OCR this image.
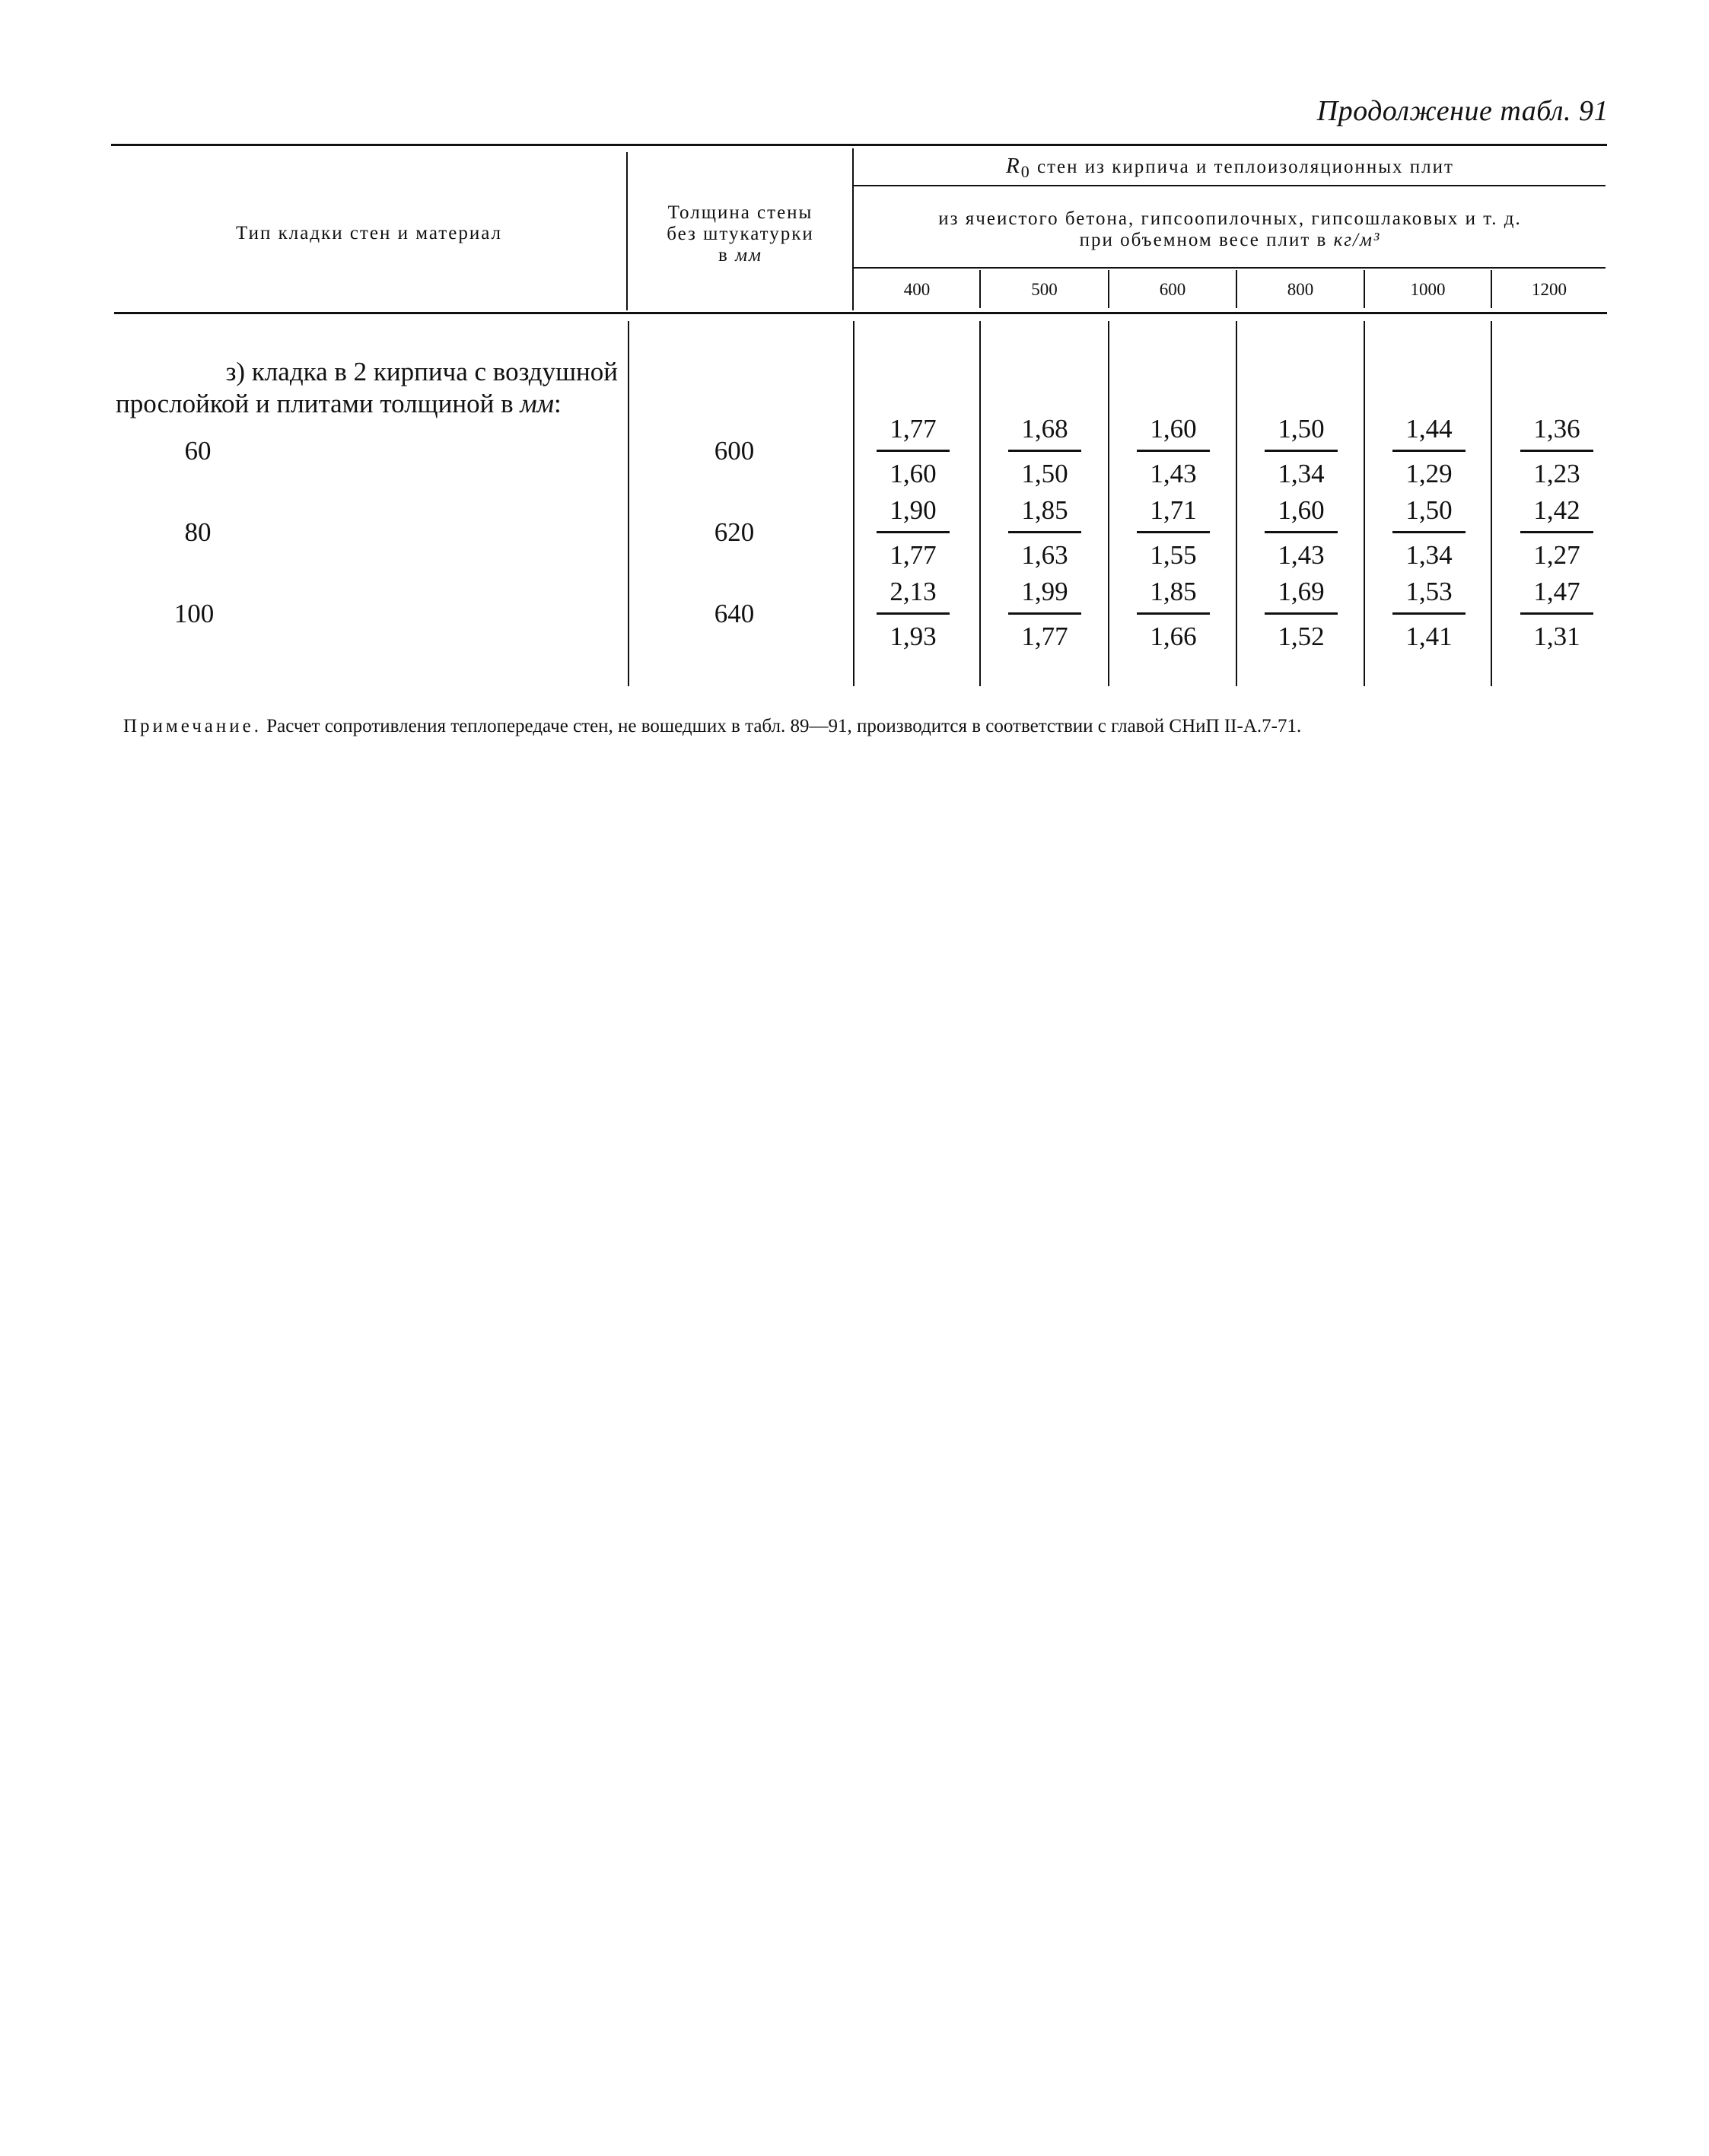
Продолжение табл. 91
Тип кладки стен и материал
Толщина стены
без штукатурки
в мм
$R_0$ стен из кирпича и теплоизоляционных плит
из ячеистого бетона, гипсоопилочных, гипсошлаковых и т. д.
при объемном весе плит в кг/м³
400	500	600	800	1000	1200
з) кладка в 2 кирпича с воздушной
прослойкой и плитами толщиной в мм:
60	600	$\frac{1,77}{1,60} \frac{1,68}{1,50} \frac{1,60}{1,43} \frac{1,50}{1,34} \frac{1,44}{1,29} \frac{1,36}{1,23}$
80	620	$\frac{1,90}{1,77} \frac{1,85}{1,63} \frac{1,71}{1,55} \frac{1,60}{1,43} \frac{1,50}{1,34} \frac{1,42}{1,27}$
100	640	$\frac{2,13}{1,93} \frac{1,99}{1,77} \frac{1,85}{1,66} \frac{1,69}{1,52} \frac{1,53}{1,41} \frac{1,47}{1,31}$
Примечание. Расчет сопротивления теплопередаче стен, не вошедших в табл. 89—91, производится в соответствии с главой СНиП II-А.7-71.
